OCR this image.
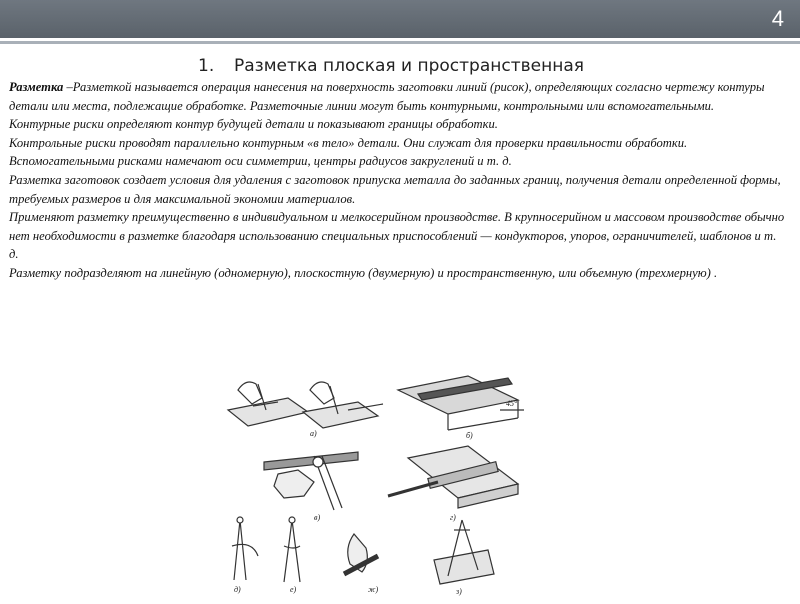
4
1. Разметка плоская и пространственная

Разметка –Разметкой называется операция нанесения на поверхность заготовки линий (рисок), определяющих согласно чертежу контуры детали или места, подлежащие обработке. Разметочные линии могут быть контурными, контрольными или вспомогательными.

Контурные риски определяют контур будущей детали и показывают границы обработки.

Контрольные риски проводят параллельно контурным «в тело» детали. Они служат для проверки правильности обработки.

Вспомогательными рисками намечают оси симметрии, центры радиусов закруглений и т. д.

Разметка заготовок создает условия для удаления с заготовок припуска металла до заданных границ, получения детали определенной формы, требуемых размеров и для максимальной экономии материалов.

Применяют разметку преимущественно в индивидуальном и мелкосерийном производстве. В крупносерийном и массовом производстве обычно нет необходимости в разметке благодаря использованию специальных приспособлений — кондукторов, упоров, ограничителей, шаблонов и т. д.

Разметку подразделяют на линейную (одномерную), плоскостную (двумерную) и пространственную, или объемную (трехмерную) .

а)
45°
б)
в)	г)
д)	е)	ж)	з)
